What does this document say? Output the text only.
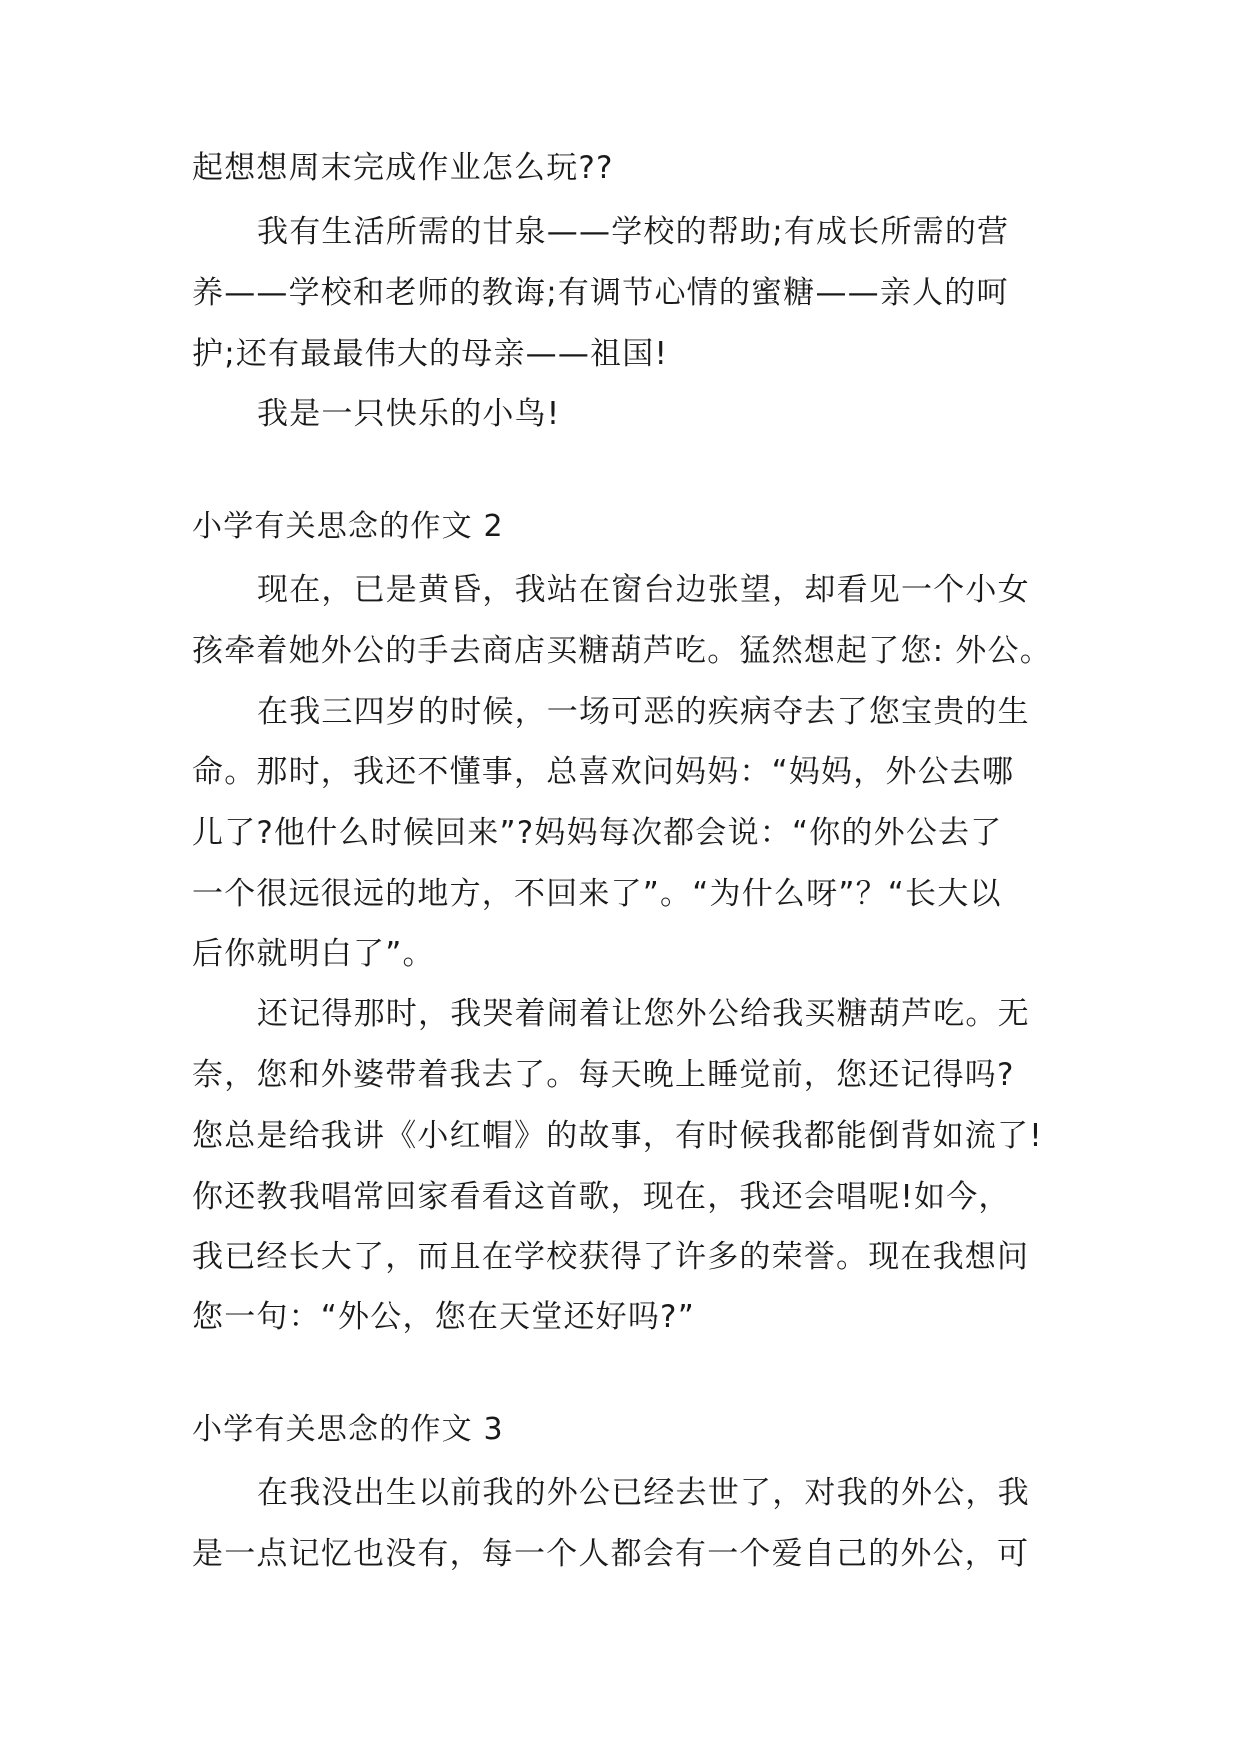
起想想周末完成作业怎么玩??
我有生活所需的甘泉——学校的帮助;有成长所需的营
养——学校和老师的教诲;有调节心情的蜜糖——亲人的呵
护;还有最最伟大的母亲——祖国!
我是一只快乐的小鸟!
小学有关思念的作文 2
现在，已是黄昏，我站在窗台边张望，却看见一个小女
孩牵着她外公的手去商店买糖葫芦吃。猛然想起了您: 外公。
在我三四岁的时候，一场可恶的疾病夺去了您宝贵的生
命。那时，我还不懂事，总喜欢问妈妈：“妈妈，外公去哪
儿了?他什么时候回来”?妈妈每次都会说：“你的外公去了
一个很远很远的地方，不回来了”。“为什么呀”？“长大以
后你就明白了”。
还记得那时，我哭着闹着让您外公给我买糖葫芦吃。无
奈，您和外婆带着我去了。每天晚上睡觉前，您还记得吗?
您总是给我讲《小红帽》的故事，有时候我都能倒背如流了!
你还教我唱常回家看看这首歌，现在，我还会唱呢!如今，
我已经长大了，而且在学校获得了许多的荣誉。现在我想问
您一句：“外公，您在天堂还好吗?”
小学有关思念的作文 3
在我没出生以前我的外公已经去世了，对我的外公，我
是一点记忆也没有，每一个人都会有一个爱自己的外公，可
